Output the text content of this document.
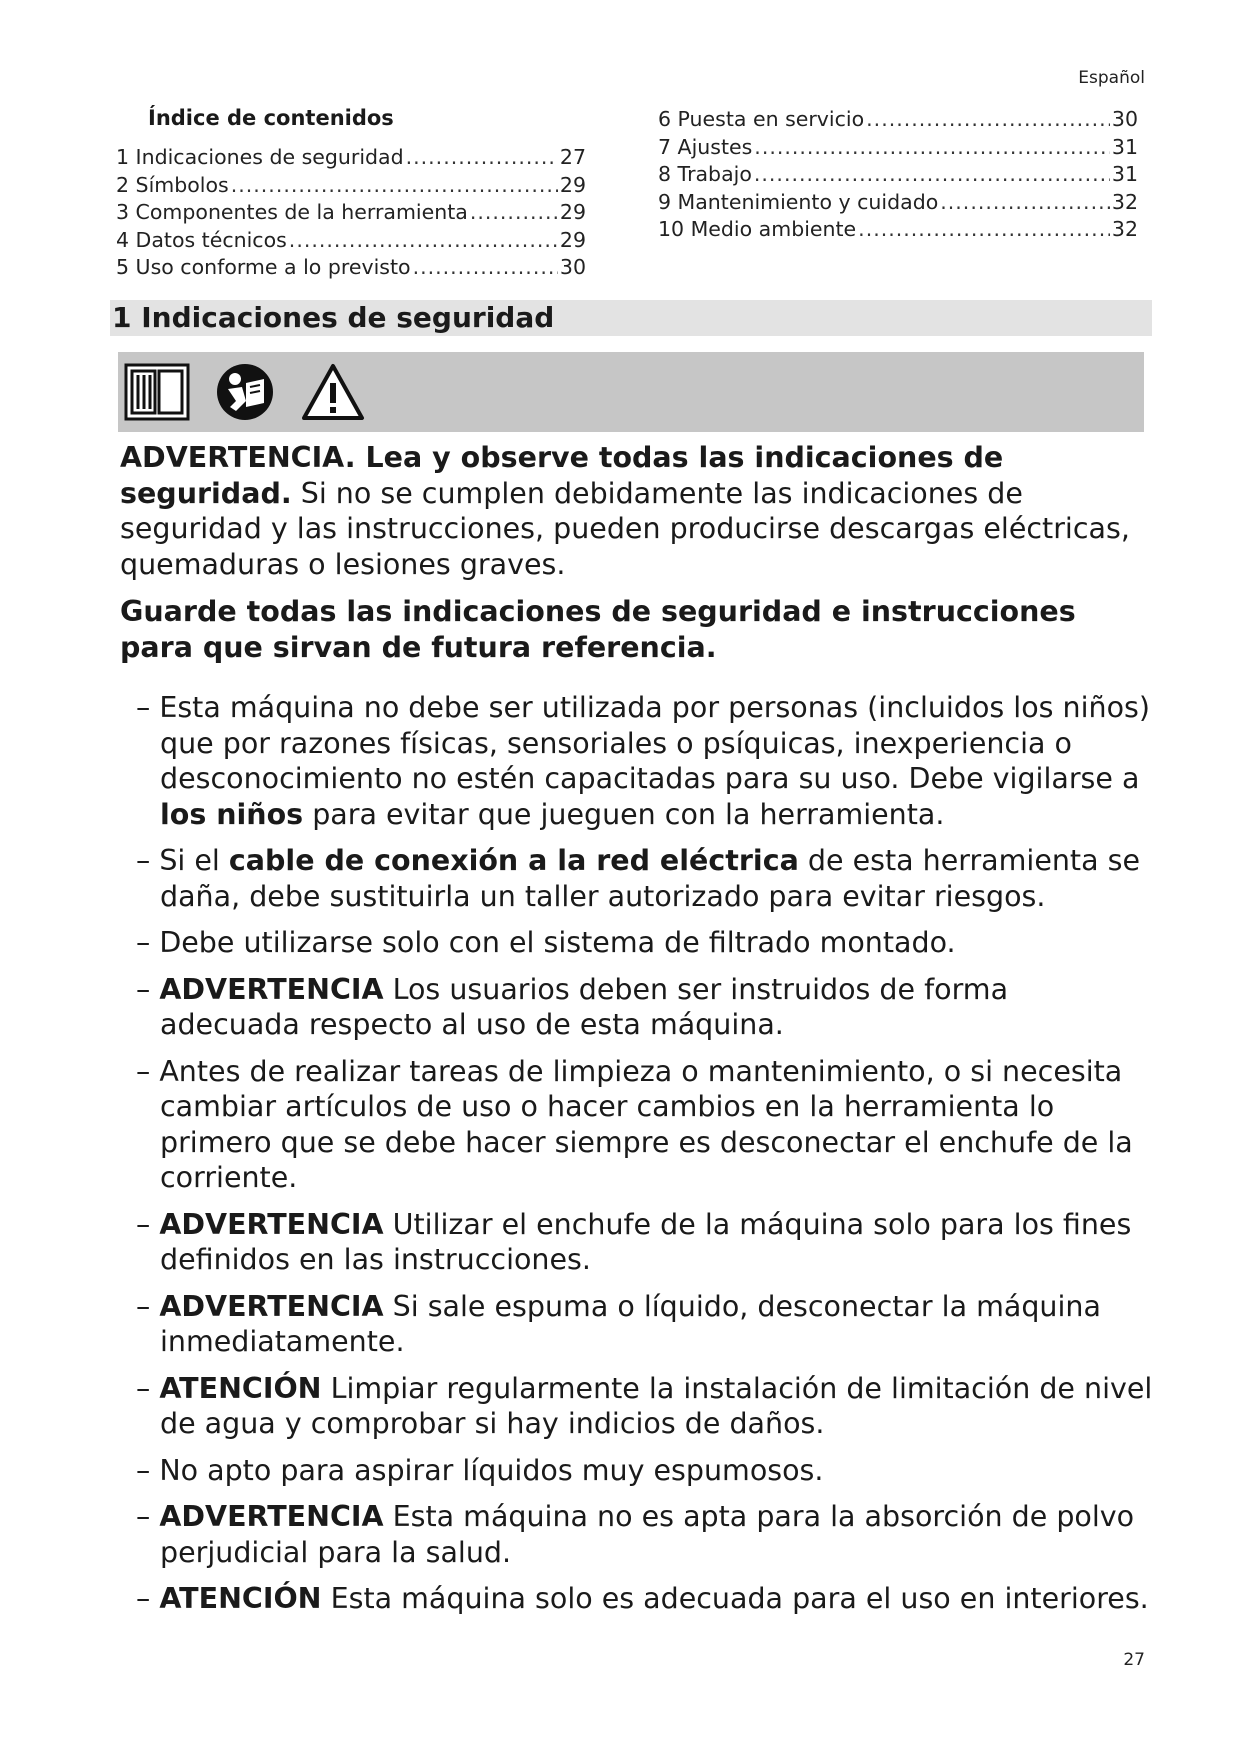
Español
Índice de contenidos
1 Indicaciones de seguridad .....	27
2 Símbolos .....	29
3 Componentes de la herramienta .....	29
4 Datos técnicos .....	29
5 Uso conforme a lo previsto .....	30
6 Puesta en servicio .....	30
7 Ajustes .....	31
8 Trabajo .....	31
9 Mantenimiento y cuidado .....	32
10 Medio ambiente .....	32
1 Indicaciones de seguridad
ADVERTENCIA. Lea y observe todas las indicaciones de seguridad. Si no se cumplen debidamente las indicaciones de seguridad y las instrucciones, pueden producirse descargas eléctricas, quemaduras o lesiones graves.
Guarde todas las indicaciones de seguridad e instrucciones para que sirvan de futura referencia.
– Esta máquina no debe ser utilizada por personas (incluidos los niños) que por razones físicas, sensoriales o psíquicas, inexperiencia o desconocimiento no estén capacitadas para su uso. Debe vigilarse a los niños para evitar que jueguen con la herramienta.
– Si el cable de conexión a la red eléctrica de esta herramienta se daña, debe sustituirla un taller autorizado para evitar riesgos.
– Debe utilizarse solo con el sistema de filtrado montado.
– ADVERTENCIA Los usuarios deben ser instruidos de forma adecuada respecto al uso de esta máquina.
– Antes de realizar tareas de limpieza o mantenimiento, o si necesita cambiar artículos de uso o hacer cambios en la herramienta lo primero que se debe hacer siempre es desconectar el enchufe de la corriente.
– ADVERTENCIA Utilizar el enchufe de la máquina solo para los fines definidos en las instrucciones.
– ADVERTENCIA Si sale espuma o líquido, desconectar la máquina inmediatamente.
– ATENCIÓN Limpiar regularmente la instalación de limitación de nivel de agua y comprobar si hay indicios de daños.
– No apto para aspirar líquidos muy espumosos.
– ADVERTENCIA Esta máquina no es apta para la absorción de polvo perjudicial para la salud.
– ATENCIÓN Esta máquina solo es adecuada para el uso en interiores.
27
